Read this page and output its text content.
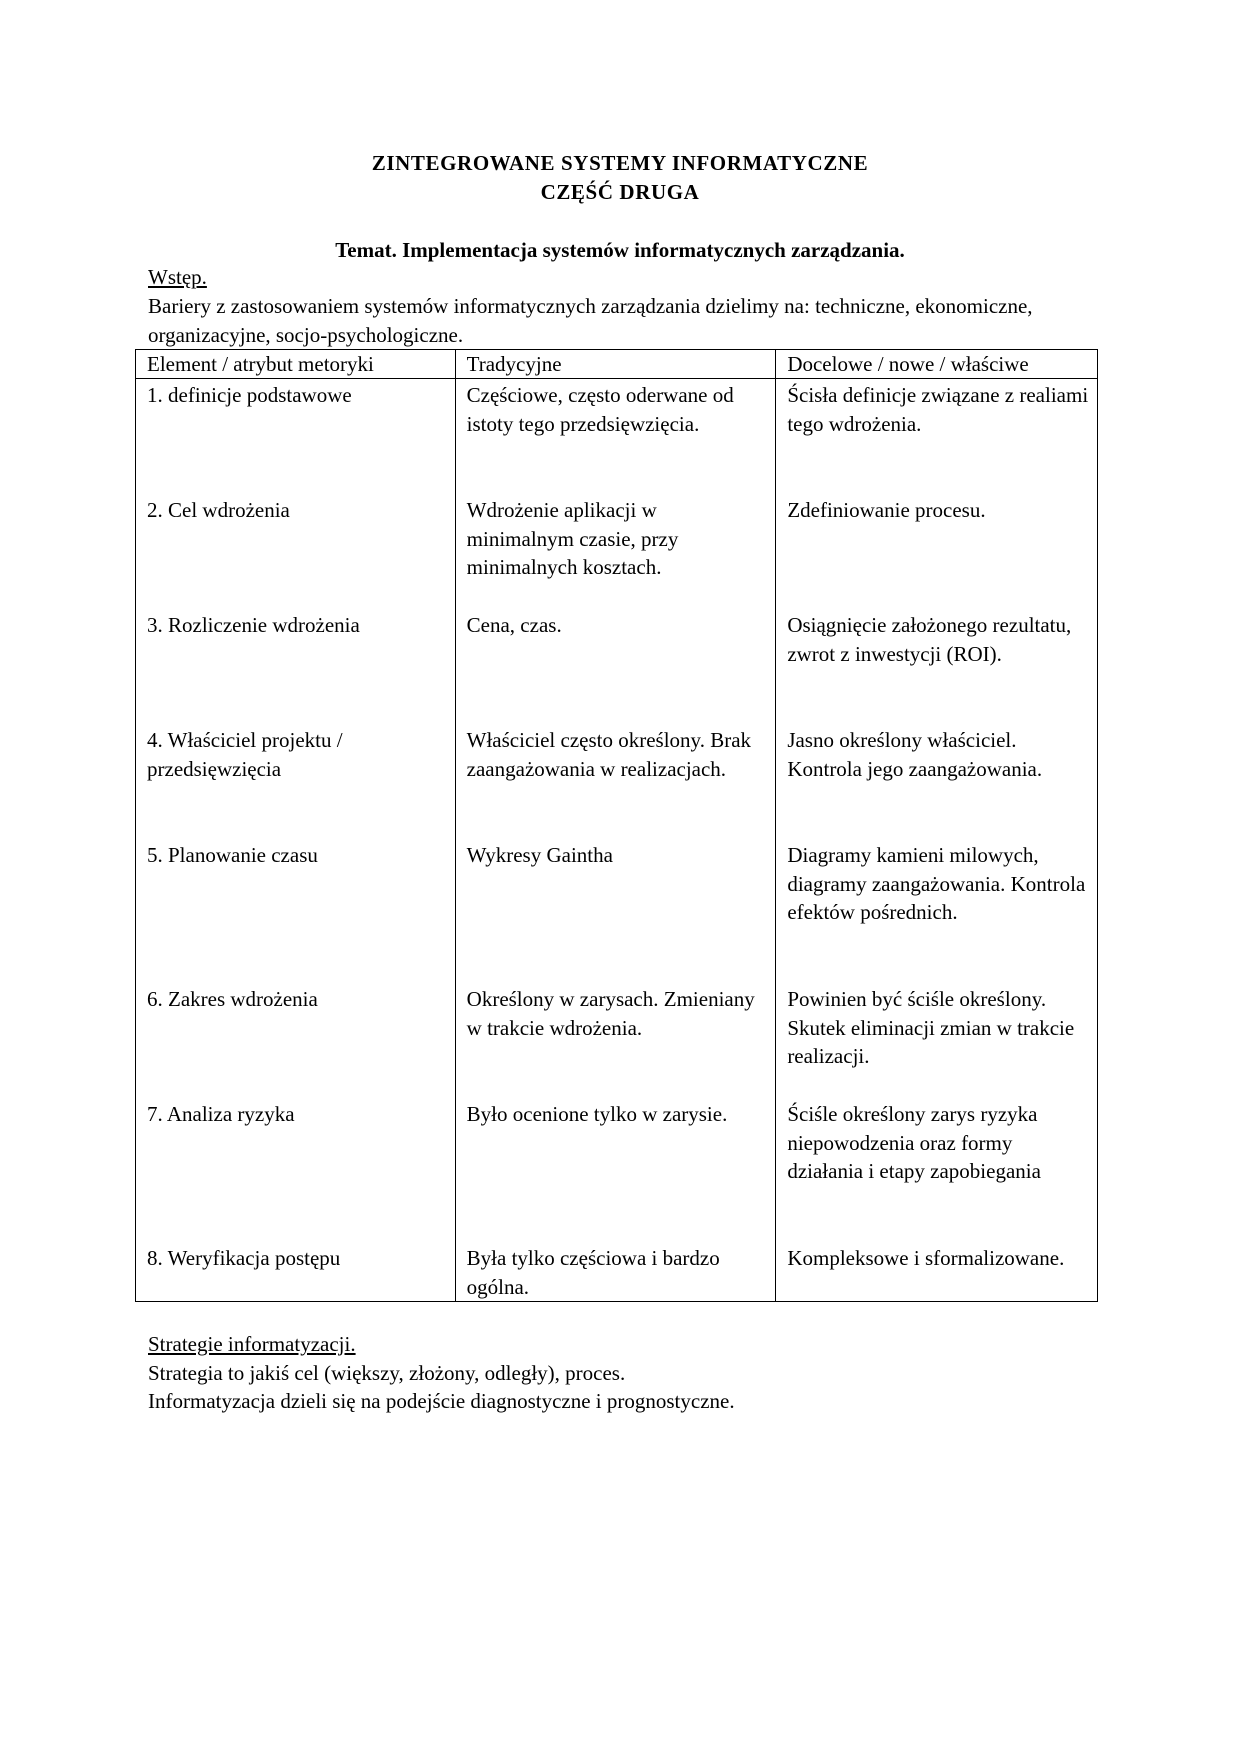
ZINTEGROWANE SYSTEMY INFORMATYCZNE
CZĘŚĆ DRUGA
Temat. Implementacja systemów informatycznych zarządzania.
Wstęp.
Bariery z zastosowaniem systemów informatycznych zarządzania dzielimy na: techniczne, ekonomiczne, organizacyjne, socjo-psychologiczne.
Element / atrybut metoryki	Tradycyjne	Docelowe / nowe / właściwe
1. definicje podstawowe	Częściowe, często oderwane od istoty tego przedsięwzięcia.	Ścisła definicje związane z realiami tego wdrożenia.
2. Cel wdrożenia	Wdrożenie aplikacji w minimalnym czasie, przy minimalnych kosztach.	Zdefiniowanie procesu.
3. Rozliczenie wdrożenia	Cena, czas.	Osiągnięcie założonego rezultatu, zwrot z inwestycji (ROI).
4. Właściciel projektu / przedsięwzięcia	Właściciel często określony. Brak zaangażowania w realizacjach.	Jasno określony właściciel. Kontrola jego zaangażowania.
5. Planowanie czasu	Wykresy Gaintha	Diagramy kamieni milowych, diagramy zaangażowania. Kontrola efektów pośrednich.
6. Zakres wdrożenia	Określony w zarysach. Zmieniany w trakcie wdrożenia.	Powinien być ściśle określony. Skutek eliminacji zmian w trakcie realizacji.
7. Analiza ryzyka	Było ocenione tylko w zarysie.	Ściśle określony zarys ryzyka niepowodzenia oraz formy działania i etapy zapobiegania
8. Weryfikacja postępu	Była tylko częściowa i bardzo ogólna.	Kompleksowe i sformalizowane.
Strategie informatyzacji.
Strategia to jakiś cel (większy, złożony, odległy), proces.
Informatyzacja dzieli się na podejście diagnostyczne i prognostyczne.
